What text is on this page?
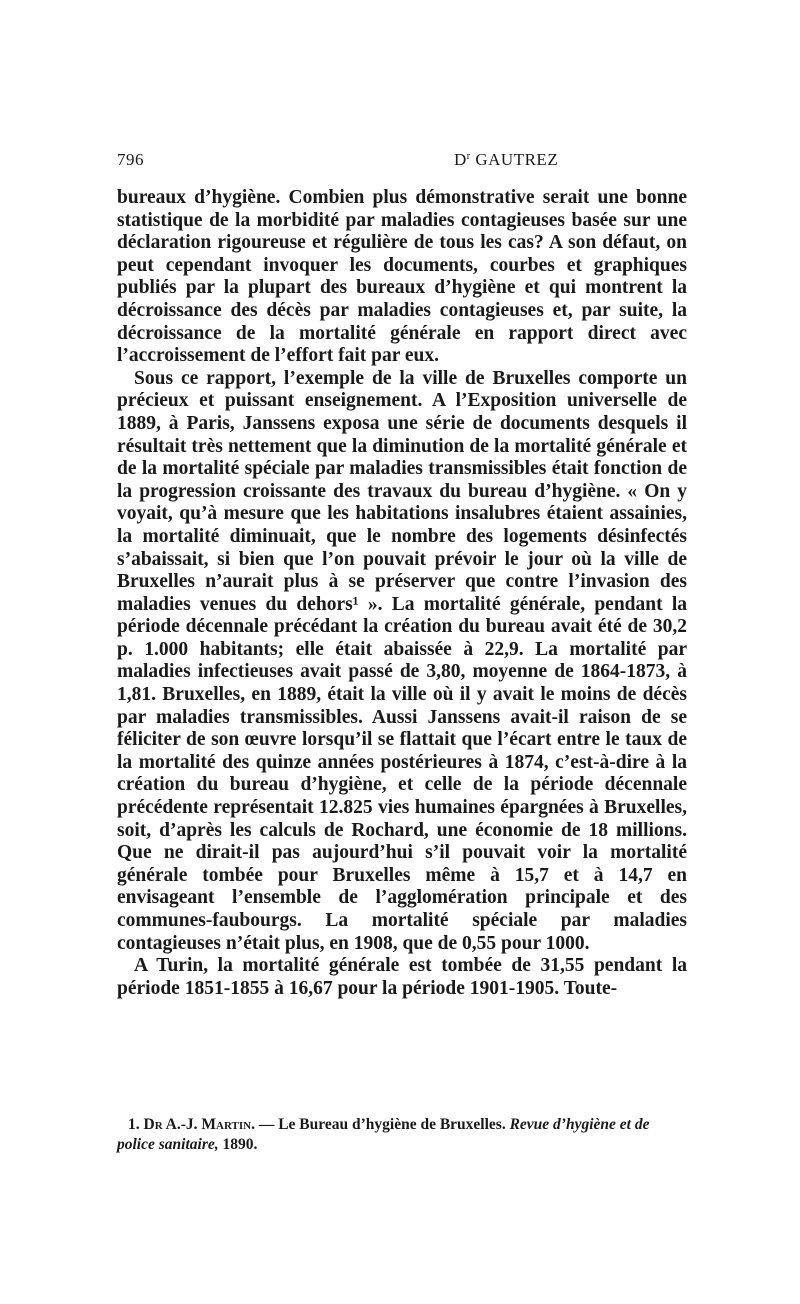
796	$D^r$ GAUTREZ

bureaux d’hygiène. Combien plus démonstrative serait une bonne statistique de la morbidité par maladies contagieuses basée sur une déclaration rigoureuse et régulière de tous les cas? A son défaut, on peut cependant invoquer les documents, courbes et graphiques publiés par la plupart des bureaux d’hygiène et qui montrent la décroissance des décès par maladies contagieuses et, par suite, la décroissance de la mortalité générale en rapport direct avec l’accroissement de l’effort fait par eux.

Sous ce rapport, l’exemple de la ville de Bruxelles comporte un précieux et puissant enseignement. A l’Exposition universelle de 1889, à Paris, Janssens exposa une série de documents desquels il résultait très nettement que la diminution de la mortalité générale et de la mortalité spéciale par maladies transmissibles était fonction de la progression croissante des travaux du bureau d’hygiène. « On y voyait, qu’à mesure que les habitations insalubres étaient assainies, la mortalité diminuait, que le nombre des logements désinfectés s’abaissait, si bien que l’on pouvait prévoir le jour où la ville de Bruxelles n’aurait plus à se préserver que contre l’invasion des maladies venues du dehors¹ ». La mortalité générale, pendant la période décennale précédant la création du bureau avait été de 30,2 p. 1.000 habitants; elle était abaissée à 22,9. La mortalité par maladies infectieuses avait passé de 3,80, moyenne de 1864-1873, à 1,81. Bruxelles, en 1889, était la ville où il y avait le moins de décès par maladies transmissibles. Aussi Janssens avait-il raison de se féliciter de son œuvre lorsqu’il se flattait que l’écart entre le taux de la mortalité des quinze années postérieures à 1874, c’est-à-dire à la création du bureau d’hygiène, et celle de la période décennale précédente représentait 12.825 vies humaines épargnées à Bruxelles, soit, d’après les calculs de Rochard, une économie de 18 millions. Que ne dirait-il pas aujourd’hui s’il pouvait voir la mortalité générale tombée pour Bruxelles même à 15,7 et à 14,7 en envisageant l’ensemble de l’agglomération principale et des communes-faubourgs. La mortalité spéciale par maladies contagieuses n’était plus, en 1908, que de 0,55 pour 1000.

A Turin, la mortalité générale est tombée de 31,55 pendant la période 1851-1855 à 16,67 pour la période 1901-1905. Toute-

1. Dr A.-J. Martin. — Le Bureau d’hygiène de Bruxelles. Revue d’hygiène et de police sanitaire, 1890.
